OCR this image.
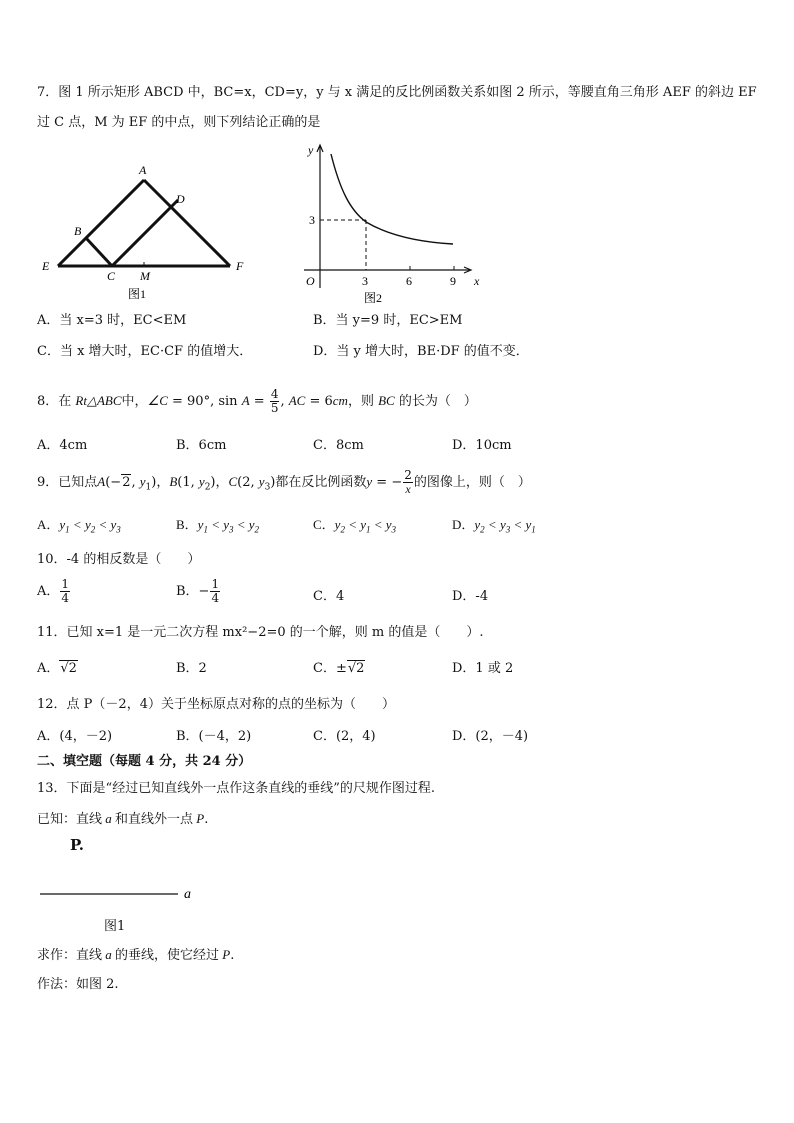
7．图 1 所示矩形 ABCD 中，BC=x，CD=y，y 与 x 满足的反比例函数关系如图 2 所示，等腰直角三角形 AEF 的斜边 EF
过 C 点，M 为 EF 的中点，则下列结论正确的是
A
D
B
E
C M
F
图1
y
3
O	3	6	9 x
图2
A．当 x=3 时，EC<EM	B．当 y=9 时，EC>EM
C．当 x 增大时，EC·CF 的值增大．	D．当 y 增大时，BE·DF 的值不变．
8．在 Rt△ABC中，∠C = 90°, $\sin A = \frac{4}{5}$ , AC = 6cm，则 BC 的长为（　）
A．4cm	B．6cm	C．8cm	D．10cm
9．已知点A(−2, $y_1$)，B(1, $y_2$)，C(2, $y_3$)都在反比例函数y = − $\frac{2}{x}$ 的图像上，则（　）
A．$y_1 < y_2 < y_3$	B．$y_1 < y_3 < y_2$	C．$y_2 < y_1 < y_3$	D．$y_2 < y_3 < y_1$
10．-4 的相反数是（　　）
A． $\frac{1}{4}$	B．− $\frac{1}{4}$	C．4	D．-4
11．已知 x=1 是一元二次方程 mx²−2=0 的一个解，则 m 的值是（　　）.
A．√2	B．2	C．±√2	D．1 或 2
12．点 P（－2，4）关于坐标原点对称的点的坐标为（　　）
A．(4，－2)	B．(－4，2)	C．(2，4)	D．(2，－4)
二、填空题（每题 4 分，共 24 分）
13．下面是“经过已知直线外一点作这条直线的垂线”的尺规作图过程.
已知：直线 a 和直线外一点 P.
P.
a
图1
求作：直线 a 的垂线，使它经过 P.
作法：如图 2.
